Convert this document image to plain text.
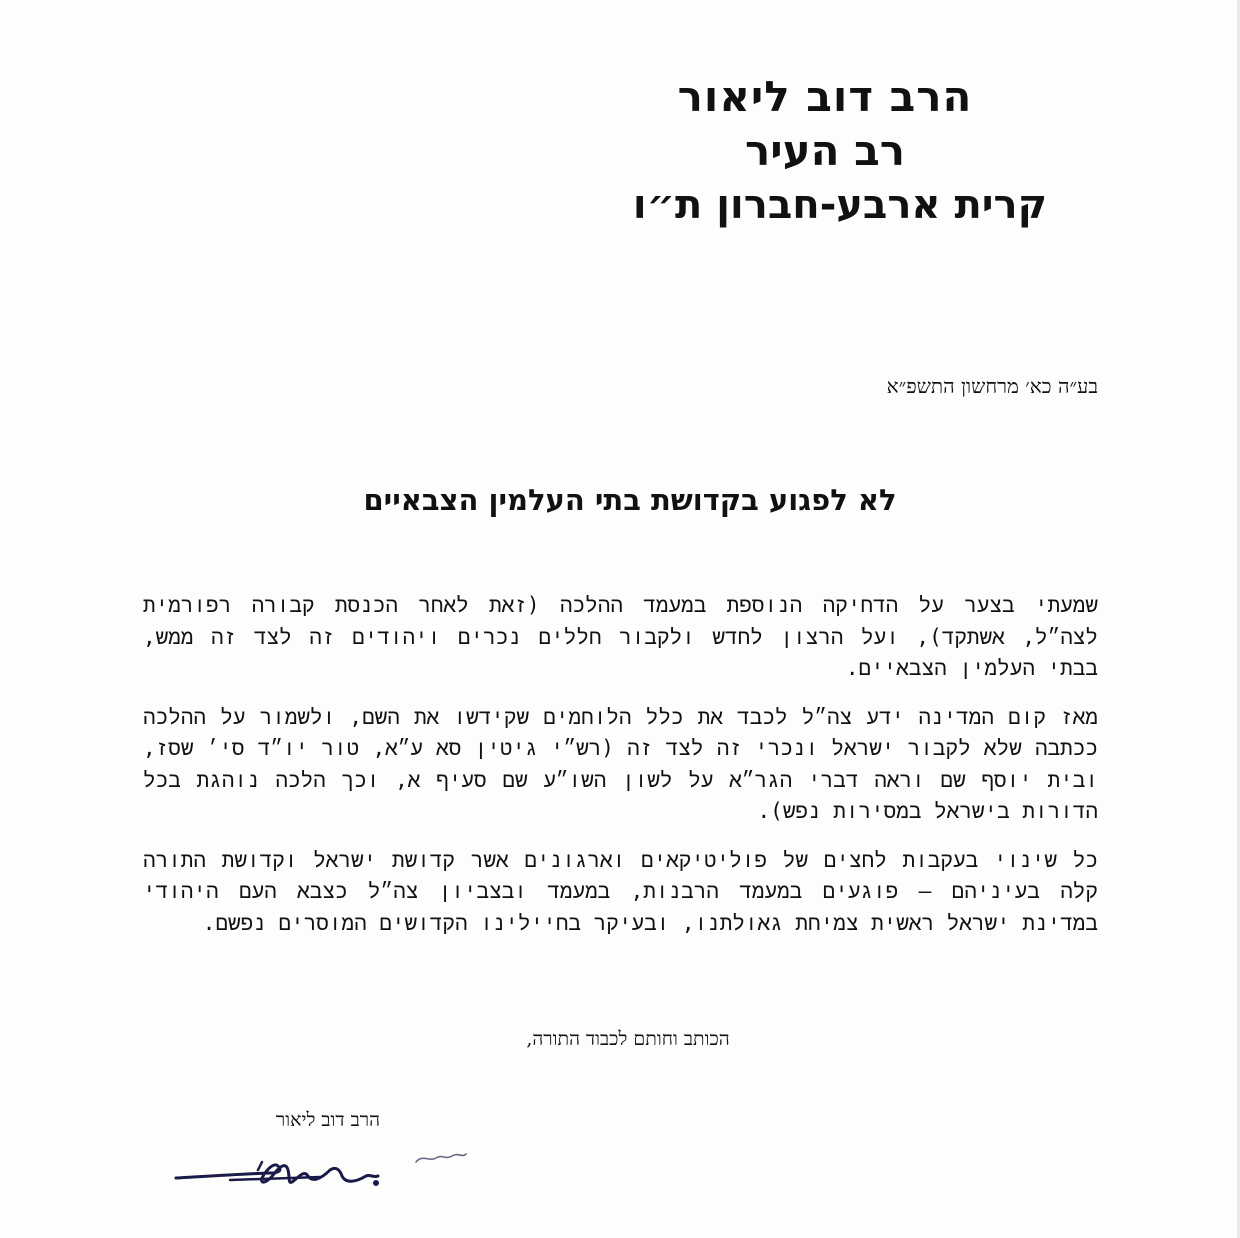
הרב דוב ליאור
רב העיר
קרית ארבע-חברון ת״ו
בע״ה כא׳ מרחשון התשפ״א
לא לפגוע בקדושת בתי העלמין הצבאיים

שמעתי בצער על הדחיקה הנוספת במעמד ההלכה (זאת לאחר הכנסת קבורה רפורמית לצה״ל, אשתקד), ועל הרצון לחדש ולקבור חללים נכרים ויהודים זה לצד זה ממש, בבתי העלמין הצבאיים.

מאז קום המדינה ידע צה״ל לכבד את כלל הלוחמים שקידשו את השם, ולשמור על ההלכה ככתבה שלא לקבור ישראל ונכרי זה לצד זה (רש״י גיטין סא ע״א, טור יו״ד סי׳ שסז, ובית יוסף שם וראה דברי הגר״א על לשון השו״ע שם סעיף א, וכך הלכה נוהגת בכל הדורות בישראל במסירות נפש).

כל שינוי בעקבות לחצים של פוליטיקאים וארגונים אשר קדושת ישראל וקדושת התורה קלה בעיניהם – פוגעים במעמד הרבנות, במעמד ובצביון צה״ל כצבא העם היהודי במדינת ישראל ראשית צמיחת גאולתנו, ובעיקר בחיילינו הקדושים המוסרים נפשם.

הכותב וחותם לכבוד התורה,
הרב דוב ליאור
